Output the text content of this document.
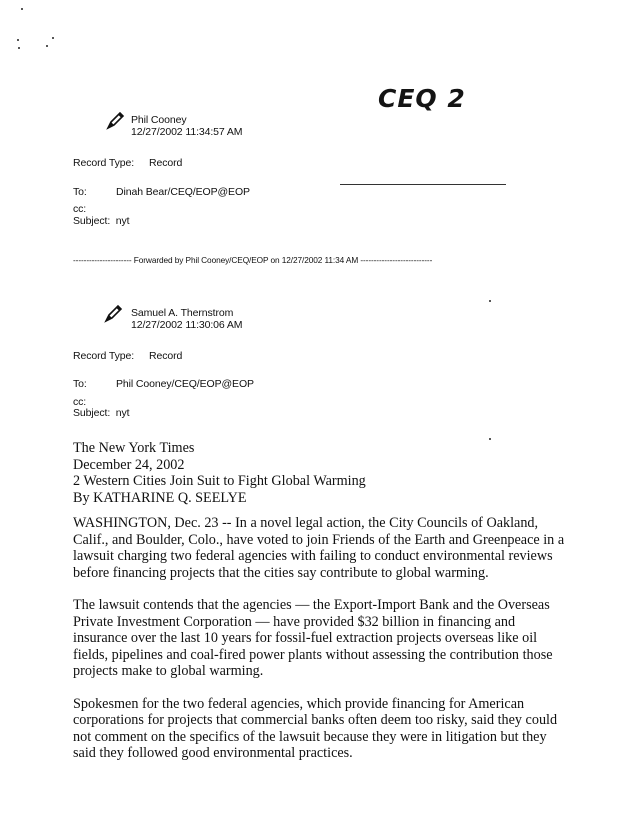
CEQ 2
Phil Cooney
12/27/2002 11:34:57 AM
Record Type: Record
To:	Dinah Bear/CEQ/EOP@EOP
cc:
Subject: nyt
---------------------- Forwarded by Phil Cooney/CEQ/EOP on 12/27/2002 11:34 AM ---------------------------
Samuel A. Thernstrom
12/27/2002 11:30:06 AM
Record Type: Record
To:	Phil Cooney/CEQ/EOP@EOP
cc:
Subject: nyt
The New York Times
December 24, 2002
2 Western Cities Join Suit to Fight Global Warming
By KATHARINE Q. SEELYE

WASHINGTON, Dec. 23 -- In a novel legal action, the City Councils of Oakland, Calif., and Boulder, Colo., have voted to join Friends of the Earth and Greenpeace in a lawsuit charging two federal agencies with failing to conduct environmental reviews before financing projects that the cities say contribute to global warming.

The lawsuit contends that the agencies — the Export-Import Bank and the Overseas Private Investment Corporation — have provided $32 billion in financing and insurance over the last 10 years for fossil-fuel extraction projects overseas like oil fields, pipelines and coal-fired power plants without assessing the contribution those projects make to global warming.

Spokesmen for the two federal agencies, which provide financing for American corporations for projects that commercial banks often deem too risky, said they could not comment on the specifics of the lawsuit because they were in litigation but they said they followed good environmental practices.
